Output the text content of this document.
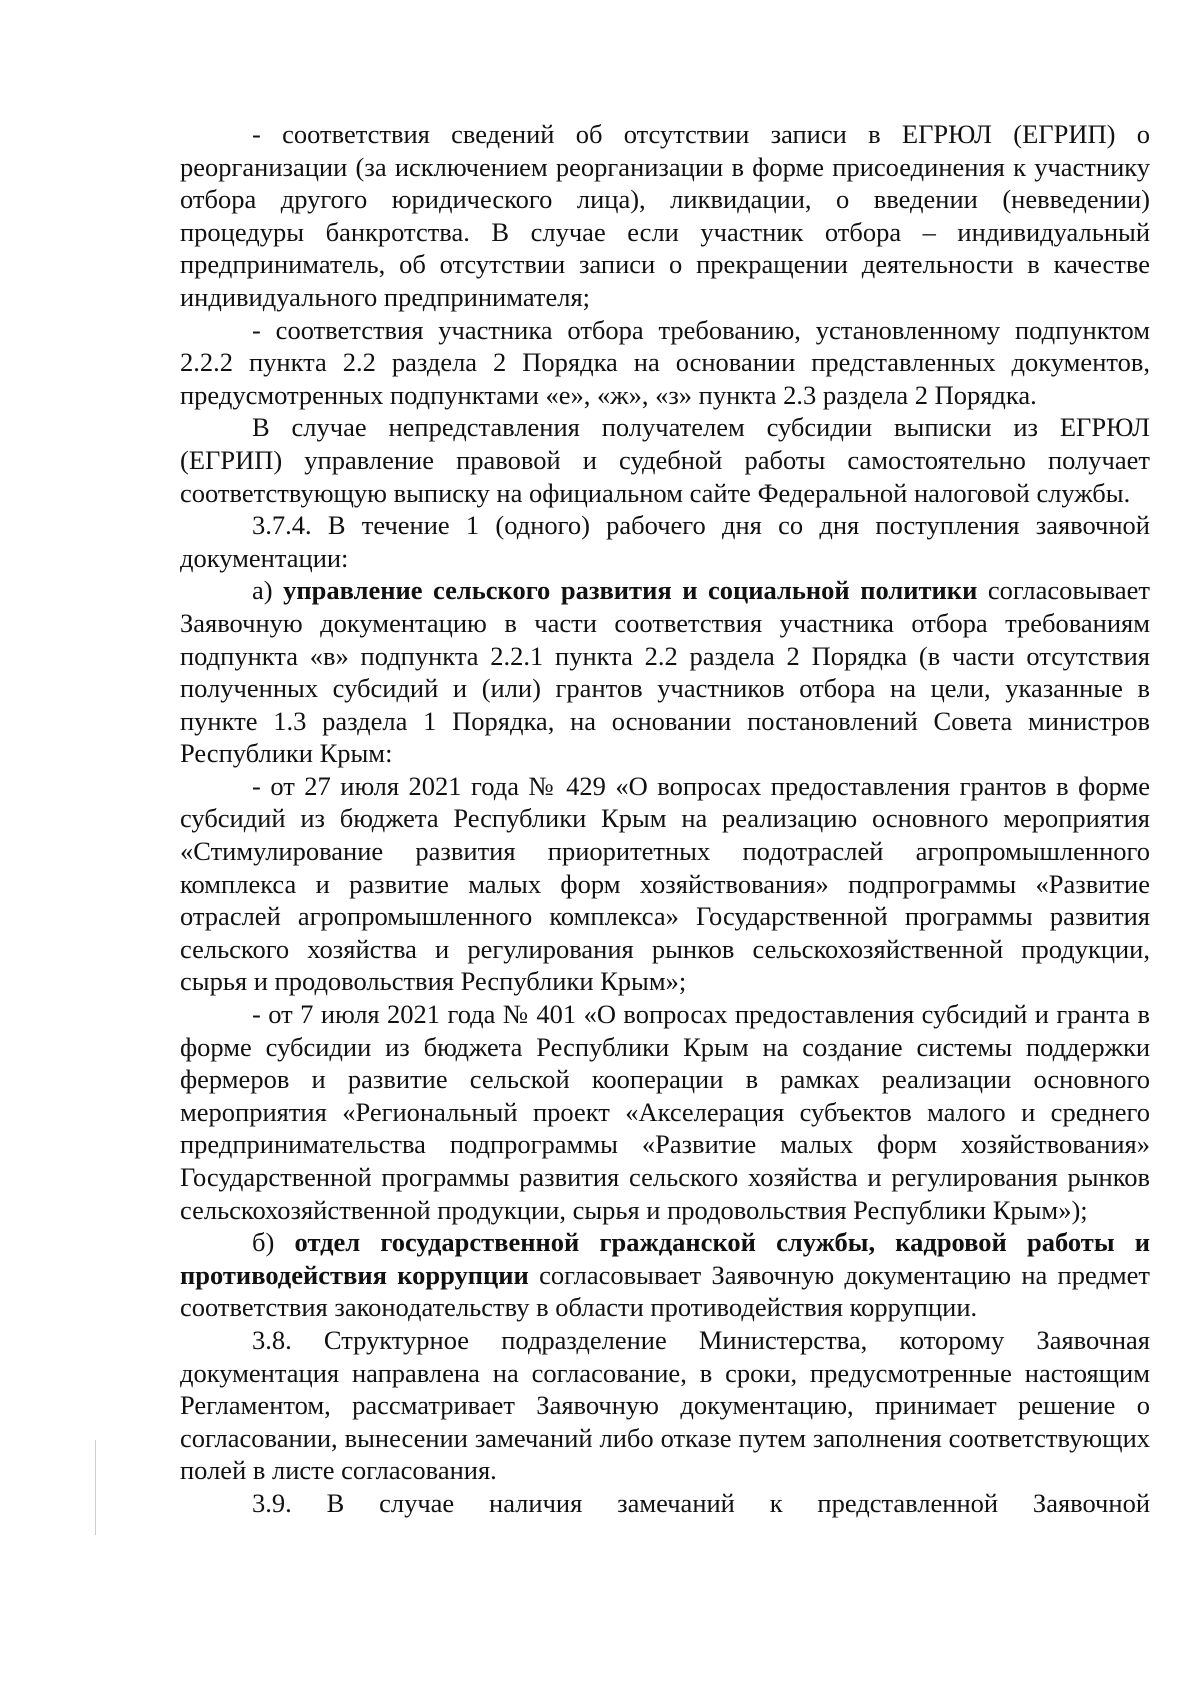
- соответствия сведений об отсутствии записи в ЕГРЮЛ (ЕГРИП) о реорганизации (за исключением реорганизации в форме присоединения к участнику отбора другого юридического лица), ликвидации, о введении (невведении) процедуры банкротства. В случае если участник отбора – индивидуальный предприниматель, об отсутствии записи о прекращении деятельности в качестве индивидуального предпринимателя;

- соответствия участника отбора требованию, установленному подпунктом 2.2.2 пункта 2.2 раздела 2 Порядка на основании представленных документов, предусмотренных подпунктами «е», «ж», «з» пункта 2.3 раздела 2 Порядка.

В случае непредставления получателем субсидии выписки из ЕГРЮЛ (ЕГРИП) управление правовой и судебной работы самостоятельно получает соответствующую выписку на официальном сайте Федеральной налоговой службы.

3.7.4. В течение 1 (одного) рабочего дня со дня поступления заявочной документации:

а) управление сельского развития и социальной политики согласовывает Заявочную документацию в части соответствия участника отбора требованиям подпункта «в» подпункта 2.2.1 пункта 2.2 раздела 2 Порядка (в части отсутствия полученных субсидий и (или) грантов участников отбора на цели, указанные в пункте 1.3 раздела 1 Порядка, на основании постановлений Совета министров Республики Крым:

- от 27 июля 2021 года № 429 «О вопросах предоставления грантов в форме субсидий из бюджета Республики Крым на реализацию основного мероприятия «Стимулирование развития приоритетных подотраслей агропромышленного комплекса и развитие малых форм хозяйствования» подпрограммы «Развитие отраслей агропромышленного комплекса» Государственной программы развития сельского хозяйства и регулирования рынков сельскохозяйственной продукции, сырья и продовольствия Республики Крым»;

- от 7 июля 2021 года № 401 «О вопросах предоставления субсидий и гранта в форме субсидии из бюджета Республики Крым на создание системы поддержки фермеров и развитие сельской кооперации в рамках реализации основного мероприятия «Региональный проект «Акселерация субъектов малого и среднего предпринимательства подпрограммы «Развитие малых форм хозяйствования» Государственной программы развития сельского хозяйства и регулирования рынков сельскохозяйственной продукции, сырья и продовольствия Республики Крым»);

б) отдел государственной гражданской службы, кадровой работы и противодействия коррупции согласовывает Заявочную документацию на предмет соответствия законодательству в области противодействия коррупции.

3.8. Структурное подразделение Министерства, которому Заявочная документация направлена на согласование, в сроки, предусмотренные настоящим Регламентом, рассматривает Заявочную документацию, принимает решение о согласовании, вынесении замечаний либо отказе путем заполнения соответствующих полей в листе согласования.

3.9. В случае наличия замечаний к представленной Заявочной
